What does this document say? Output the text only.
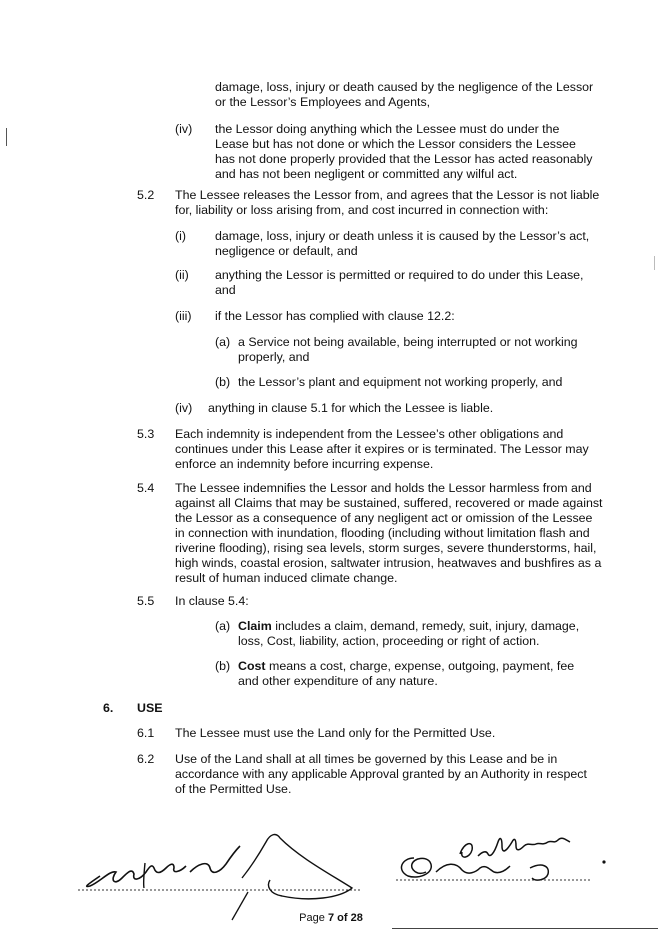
damage, loss, injury or death caused by the negligence of the Lessor or the Lessor’s Employees and Agents,
(iv) the Lessor doing anything which the Lessee must do under the Lease but has not done or which the Lessor considers the Lessee has not done properly provided that the Lessor has acted reasonably and has not been negligent or committed any wilful act.
5.2 The Lessee releases the Lessor from, and agrees that the Lessor is not liable for, liability or loss arising from, and cost incurred in connection with:
(i) damage, loss, injury or death unless it is caused by the Lessor’s act, negligence or default, and
(ii) anything the Lessor is permitted or required to do under this Lease, and
(iii) if the Lessor has complied with clause 12.2:
(a) a Service not being available, being interrupted or not working properly, and
(b) the Lessor’s plant and equipment not working properly, and
(iv) anything in clause 5.1 for which the Lessee is liable.
5.3 Each indemnity is independent from the Lessee’s other obligations and continues under this Lease after it expires or is terminated. The Lessor may enforce an indemnity before incurring expense.
5.4 The Lessee indemnifies the Lessor and holds the Lessor harmless from and against all Claims that may be sustained, suffered, recovered or made against the Lessor as a consequence of any negligent act or omission of the Lessee in connection with inundation, flooding (including without limitation flash and riverine flooding), rising sea levels, storm surges, severe thunderstorms, hail, high winds, coastal erosion, saltwater intrusion, heatwaves and bushfires as a result of human induced climate change.
5.5 In clause 5.4:
(a) Claim includes a claim, demand, remedy, suit, injury, damage, loss, Cost, liability, action, proceeding or right of action.
(b) Cost means a cost, charge, expense, outgoing, payment, fee and other expenditure of any nature.
6. USE
6.1 The Lessee must use the Land only for the Permitted Use.
6.2 Use of the Land shall at all times be governed by this Lease and be in accordance with any applicable Approval granted by an Authority in respect of the Permitted Use.
Page 7 of 28
